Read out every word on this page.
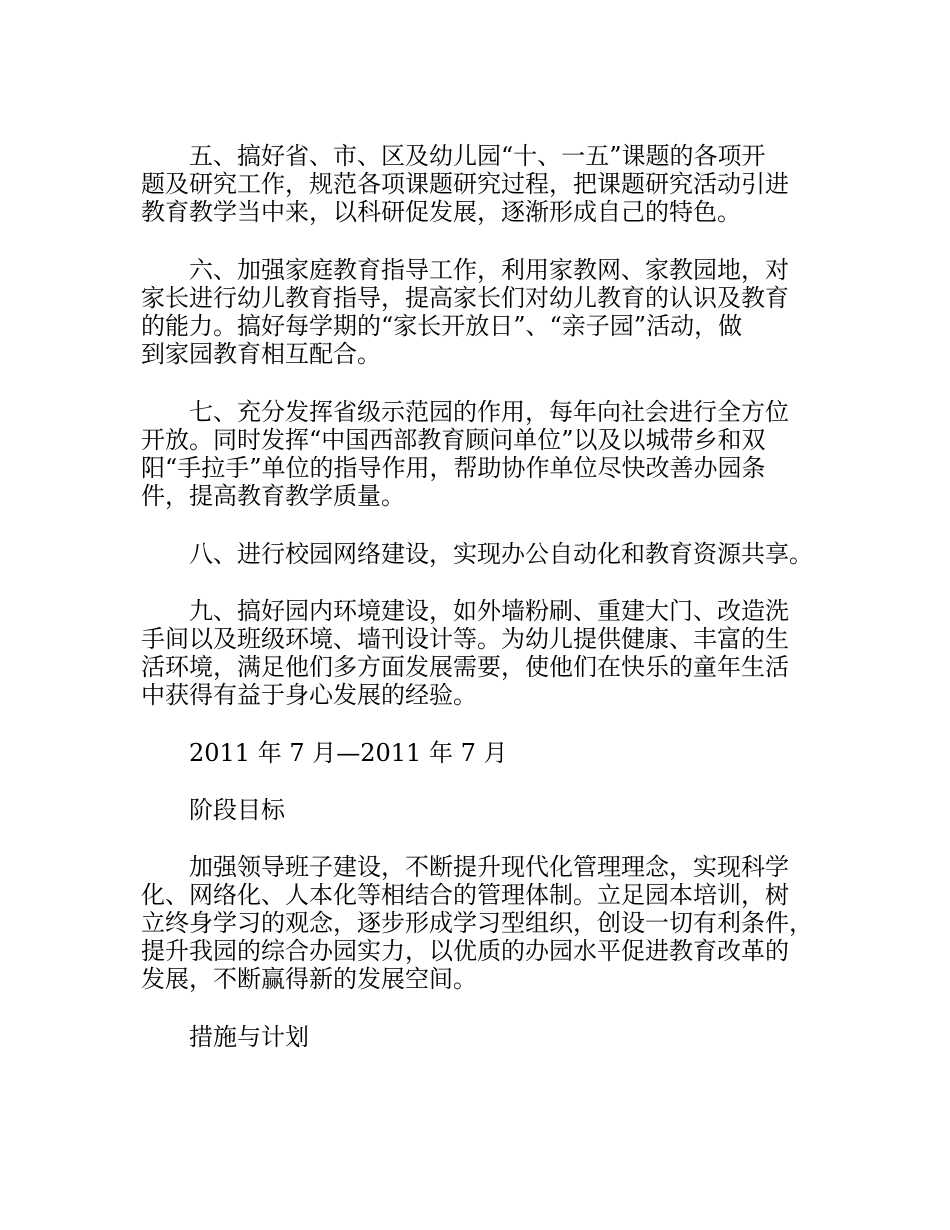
五、搞好省、市、区及幼儿园“十、一五”课题的各项开
题及研究工作，规范各项课题研究过程，把课题研究活动引进
教育教学当中来，以科研促发展，逐渐形成自己的特色。
六、加强家庭教育指导工作，利用家教网、家教园地，对
家长进行幼儿教育指导，提高家长们对幼儿教育的认识及教育
的能力。搞好每学期的“家长开放日”、“亲子园”活动，做
到家园教育相互配合。
七、充分发挥省级示范园的作用，每年向社会进行全方位
开放。同时发挥“中国西部教育顾问单位”以及以城带乡和双
阳“手拉手”单位的指导作用，帮助协作单位尽快改善办园条
件，提高教育教学质量。
八、进行校园网络建设，实现办公自动化和教育资源共享。
九、搞好园内环境建设，如外墙粉刷、重建大门、改造洗
手间以及班级环境、墙刊设计等。为幼儿提供健康、丰富的生
活环境，满足他们多方面发展需要，使他们在快乐的童年生活
中获得有益于身心发展的经验。
2011 年 7 月—2011 年 7 月
阶段目标
加强领导班子建设，不断提升现代化管理理念，实现科学
化、网络化、人本化等相结合的管理体制。立足园本培训，树
立终身学习的观念，逐步形成学习型组织，创设一切有利条件，
提升我园的综合办园实力，以优质的办园水平促进教育改革的
发展，不断赢得新的发展空间。
措施与计划
